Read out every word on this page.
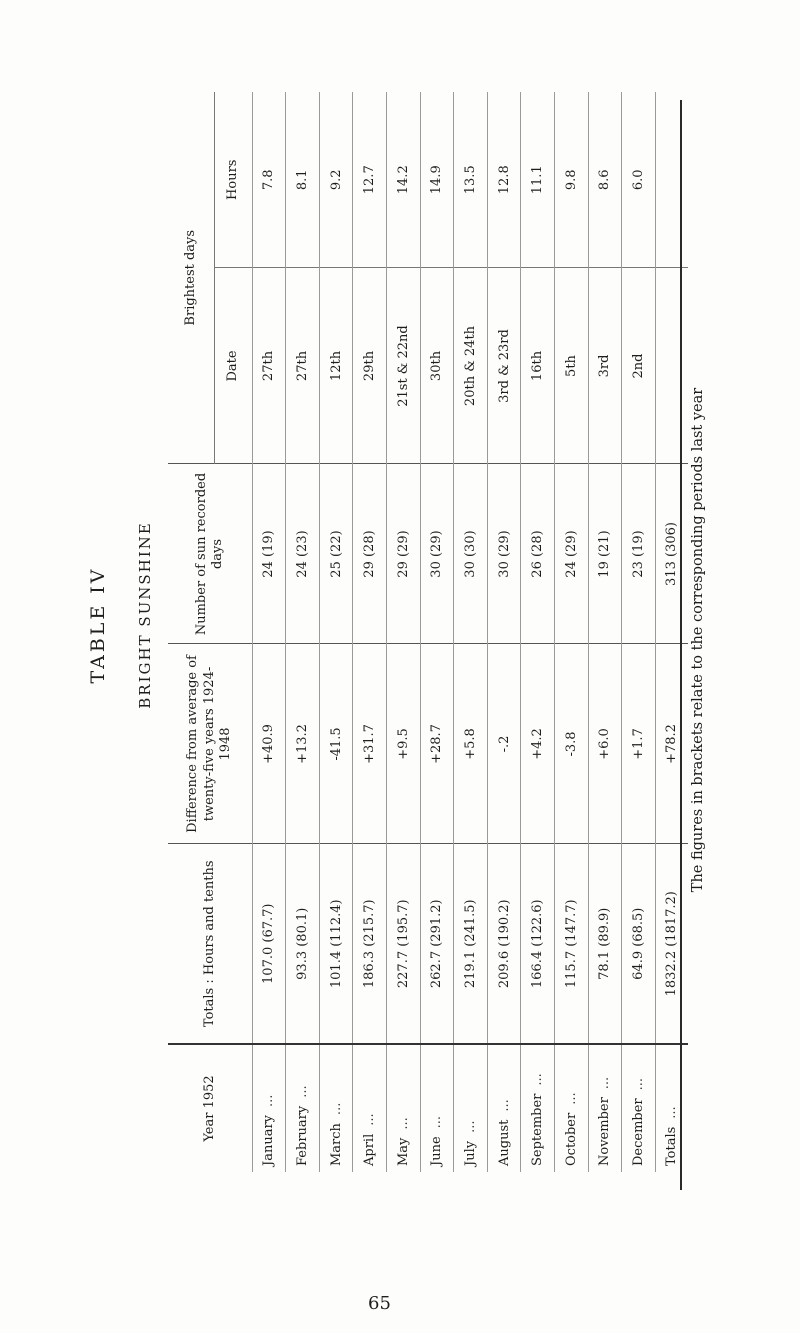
TABLE IV BRIGHT SUNSHINE
Year 1952	Totals : Hours and tenths	Difference from average of twenty-five years 1924-1948	Number of sun recorded days	Brightest days	
				Date	Hours
January...	107.0 (67.7)	+40.9	24 (19)	27th	7.8
February...	93.3 (80.1)	+13.2	24 (23)	27th	8.1
March...	101.4 (112.4)	-41.5	25 (22)	12th	9.2
April...	186.3 (215.7)	+31.7	29 (28)	29th	12.7
May...	227.7 (195.7)	+9.5	29 (29)	21st & 22nd	14.2
June...	262.7 (291.2)	+28.7	30 (29)	30th	14.9
July...	219.1 (241.5)	+5.8	30 (30)	20th & 24th	13.5
August...	209.6 (190.2)	-.2	30 (29)	3rd & 23rd	12.8
September...	166.4 (122.6)	+4.2	26 (28)	16th	11.1
October...	115.7 (147.7)	-3.8	24 (29)	5th	9.8
November...	78.1 (89.9)	+6.0	19 (21)	3rd	8.6
December...	64.9 (68.5)	+1.7	23 (19)	2nd	6.0
Totals...	1832.2 (1817.2)	+78.2	313 (306)		The figures in brackets relate to the corresponding periods last year
65
